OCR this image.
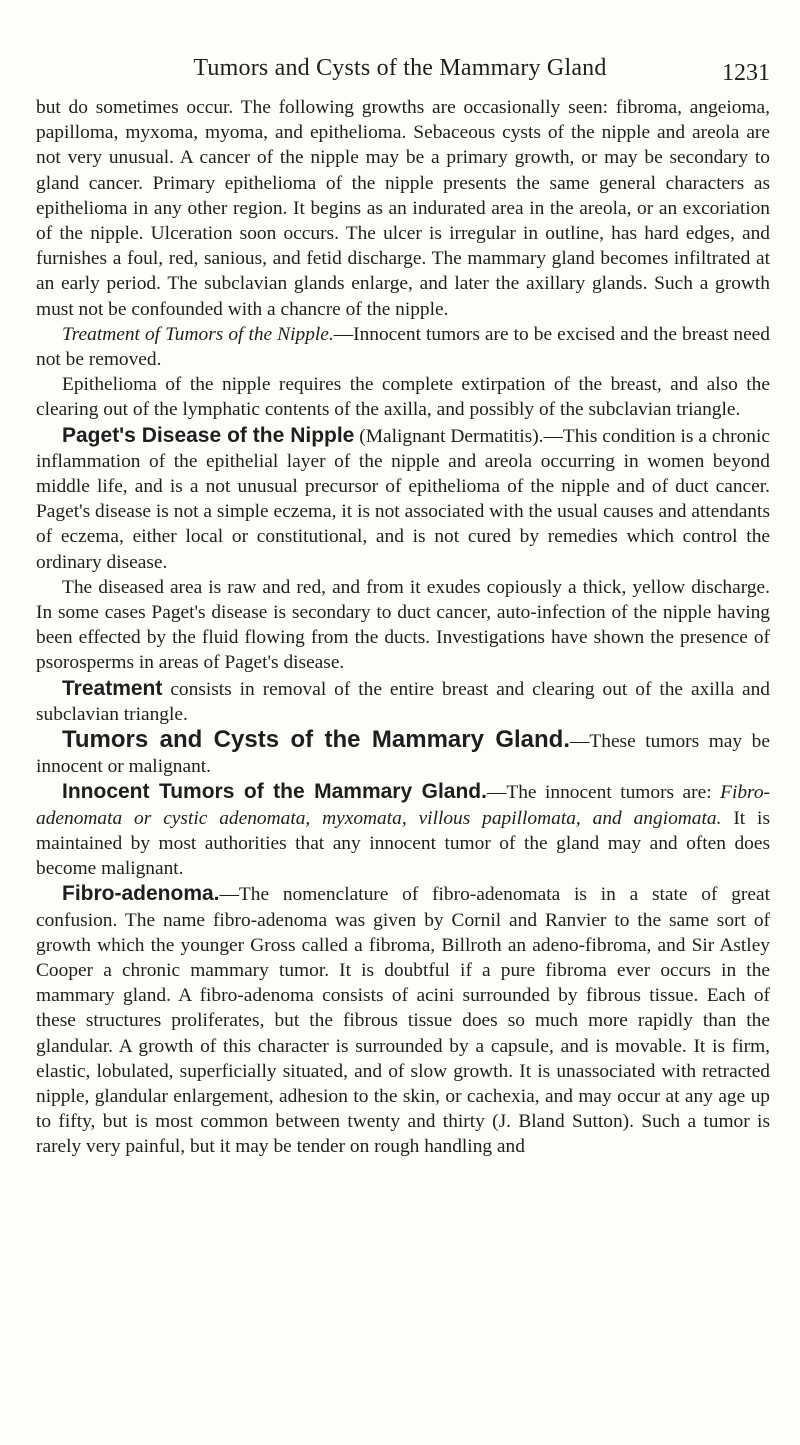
Tumors and Cysts of the Mammary Gland	1231

but do sometimes occur. The following growths are occasionally seen: fibroma, angeioma, papilloma, myxoma, myoma, and epithelioma. Sebaceous cysts of the nipple and areola are not very unusual. A cancer of the nipple may be a primary growth, or may be secondary to gland cancer. Primary epithelioma of the nipple presents the same general characters as epithelioma in any other region. It begins as an indurated area in the areola, or an excoriation of the nipple. Ulceration soon occurs. The ulcer is irregular in outline, has hard edges, and furnishes a foul, red, sanious, and fetid discharge. The mammary gland becomes infiltrated at an early period. The subclavian glands enlarge, and later the axillary glands. Such a growth must not be confounded with a chancre of the nipple.

Treatment of Tumors of the Nipple.—Innocent tumors are to be excised and the breast need not be removed.

Epithelioma of the nipple requires the complete extirpation of the breast, and also the clearing out of the lymphatic contents of the axilla, and possibly of the subclavian triangle.

Paget's Disease of the Nipple (Malignant Dermatitis).—This condition is a chronic inflammation of the epithelial layer of the nipple and areola occurring in women beyond middle life, and is a not unusual precursor of epithelioma of the nipple and of duct cancer. Paget's disease is not a simple eczema, it is not associated with the usual causes and attendants of eczema, either local or constitutional, and is not cured by remedies which control the ordinary disease.

The diseased area is raw and red, and from it exudes copiously a thick, yellow discharge. In some cases Paget's disease is secondary to duct cancer, auto-infection of the nipple having been effected by the fluid flowing from the ducts. Investigations have shown the presence of psorosperms in areas of Paget's disease.

Treatment consists in removal of the entire breast and clearing out of the axilla and subclavian triangle.

Tumors and Cysts of the Mammary Gland.—These tumors may be innocent or malignant.

Innocent Tumors of the Mammary Gland.—The innocent tumors are: Fibro-adenomata or cystic adenomata, myxomata, villous papillomata, and angiomata. It is maintained by most authorities that any innocent tumor of the gland may and often does become malignant.

Fibro-adenoma.—The nomenclature of fibro-adenomata is in a state of great confusion. The name fibro-adenoma was given by Cornil and Ranvier to the same sort of growth which the younger Gross called a fibroma, Billroth an adeno-fibroma, and Sir Astley Cooper a chronic mammary tumor. It is doubtful if a pure fibroma ever occurs in the mammary gland. A fibro-adenoma consists of acini surrounded by fibrous tissue. Each of these structures proliferates, but the fibrous tissue does so much more rapidly than the glandular. A growth of this character is surrounded by a capsule, and is movable. It is firm, elastic, lobulated, superficially situated, and of slow growth. It is unassociated with retracted nipple, glandular enlargement, adhesion to the skin, or cachexia, and may occur at any age up to fifty, but is most common between twenty and thirty (J. Bland Sutton). Such a tumor is rarely very painful, but it may be tender on rough handling and
